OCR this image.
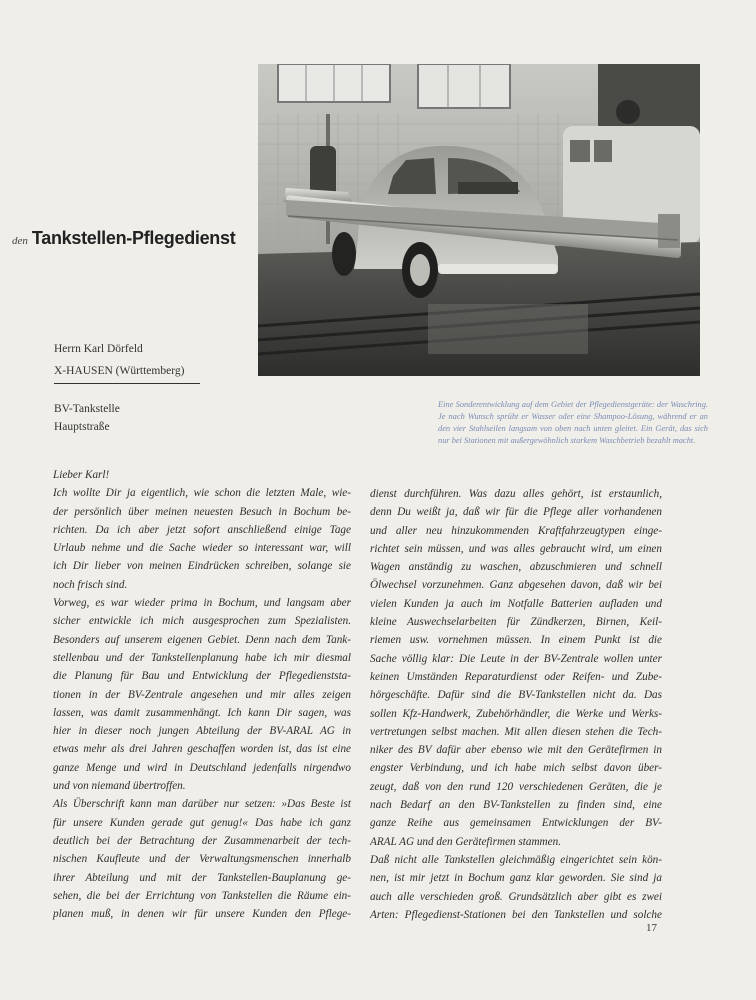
den Tankstellen-Pflegedienst
Eine Sonderentwicklung auf dem Gebiet der Pflegedienstgeräte: der Waschring. Je nach Wunsch sprüht er Wasser oder eine Shampoo-Lösung, während er an den vier Stahlseilen langsam von oben nach unten gleitet. Ein Gerät, das sich nur bei Stationen mit außergewöhnlich starkem Waschbetrieb bezahlt macht.
Herrn Karl Dörfeld
X-HAUSEN (Württemberg)
BV-Tankstelle
Hauptstraße
Lieber Karl!
Ich wollte Dir ja eigentlich, wie schon die letzten Male, wie-
der persönlich über meinen neuesten Besuch in Bochum be-
richten. Da ich aber jetzt sofort anschließend einige Tage
Urlaub nehme und die Sache wieder so interessant war, will
ich Dir lieber von meinen Eindrücken schreiben, solange sie
noch frisch sind.
Vorweg, es war wieder prima in Bochum, und langsam aber
sicher entwickle ich mich ausgesprochen zum Spezialisten.
Besonders auf unserem eigenen Gebiet. Denn nach dem Tank-
stellenbau und der Tankstellenplanung habe ich mir diesmal
die Planung für Bau und Entwicklung der Pflegedienststa-
tionen in der BV-Zentrale angesehen und mir alles zeigen
lassen, was damit zusammenhängt. Ich kann Dir sagen, was
hier in dieser noch jungen Abteilung der BV-ARAL AG in
etwas mehr als drei Jahren geschaffen worden ist, das ist eine
ganze Menge und wird in Deutschland jedenfalls nirgendwo
und von niemand übertroffen.
Als Überschrift kann man darüber nur setzen: »Das Beste ist
für unsere Kunden gerade gut genug!« Das habe ich ganz
deutlich bei der Betrachtung der Zusammenarbeit der tech-
nischen Kaufleute und der Verwaltungsmenschen innerhalb
ihrer Abteilung und mit der Tankstellen-Bauplanung ge-
sehen, die bei der Errichtung von Tankstellen die Räume ein-
planen muß, in denen wir für unsere Kunden den Pflege-
dienst durchführen. Was dazu alles gehört, ist erstaunlich,
denn Du weißt ja, daß wir für die Pflege aller vorhandenen
und aller neu hinzukommenden Kraftfahrzeugtypen einge-
richtet sein müssen, und was alles gebraucht wird, um einen
Wagen anständig zu waschen, abzuschmieren und schnell
Ölwechsel vorzunehmen. Ganz abgesehen davon, daß wir bei
vielen Kunden ja auch im Notfalle Batterien aufladen und
kleine Auswechselarbeiten für Zündkerzen, Birnen, Keil-
riemen usw. vornehmen müssen. In einem Punkt ist die
Sache völlig klar: Die Leute in der BV-Zentrale wollen unter
keinen Umständen Reparaturdienst oder Reifen- und Zube-
hörgeschäfte. Dafür sind die BV-Tankstellen nicht da. Das
sollen Kfz-Handwerk, Zubehörhändler, die Werke und Werks-
vertretungen selbst machen. Mit allen diesen stehen die Tech-
niker des BV dafür aber ebenso wie mit den Gerätefirmen in
engster Verbindung, und ich habe mich selbst davon über-
zeugt, daß von den rund 120 verschiedenen Geräten, die je
nach Bedarf an den BV-Tankstellen zu finden sind, eine
ganze Reihe aus gemeinsamen Entwicklungen der BV-
ARAL AG und den Gerätefirmen stammen.
Daß nicht alle Tankstellen gleichmäßig eingerichtet sein kön-
nen, ist mir jetzt in Bochum ganz klar geworden. Sie sind ja
auch alle verschieden groß. Grundsätzlich aber gibt es zwei
Arten: Pflegedienst-Stationen bei den Tankstellen und solche
17
